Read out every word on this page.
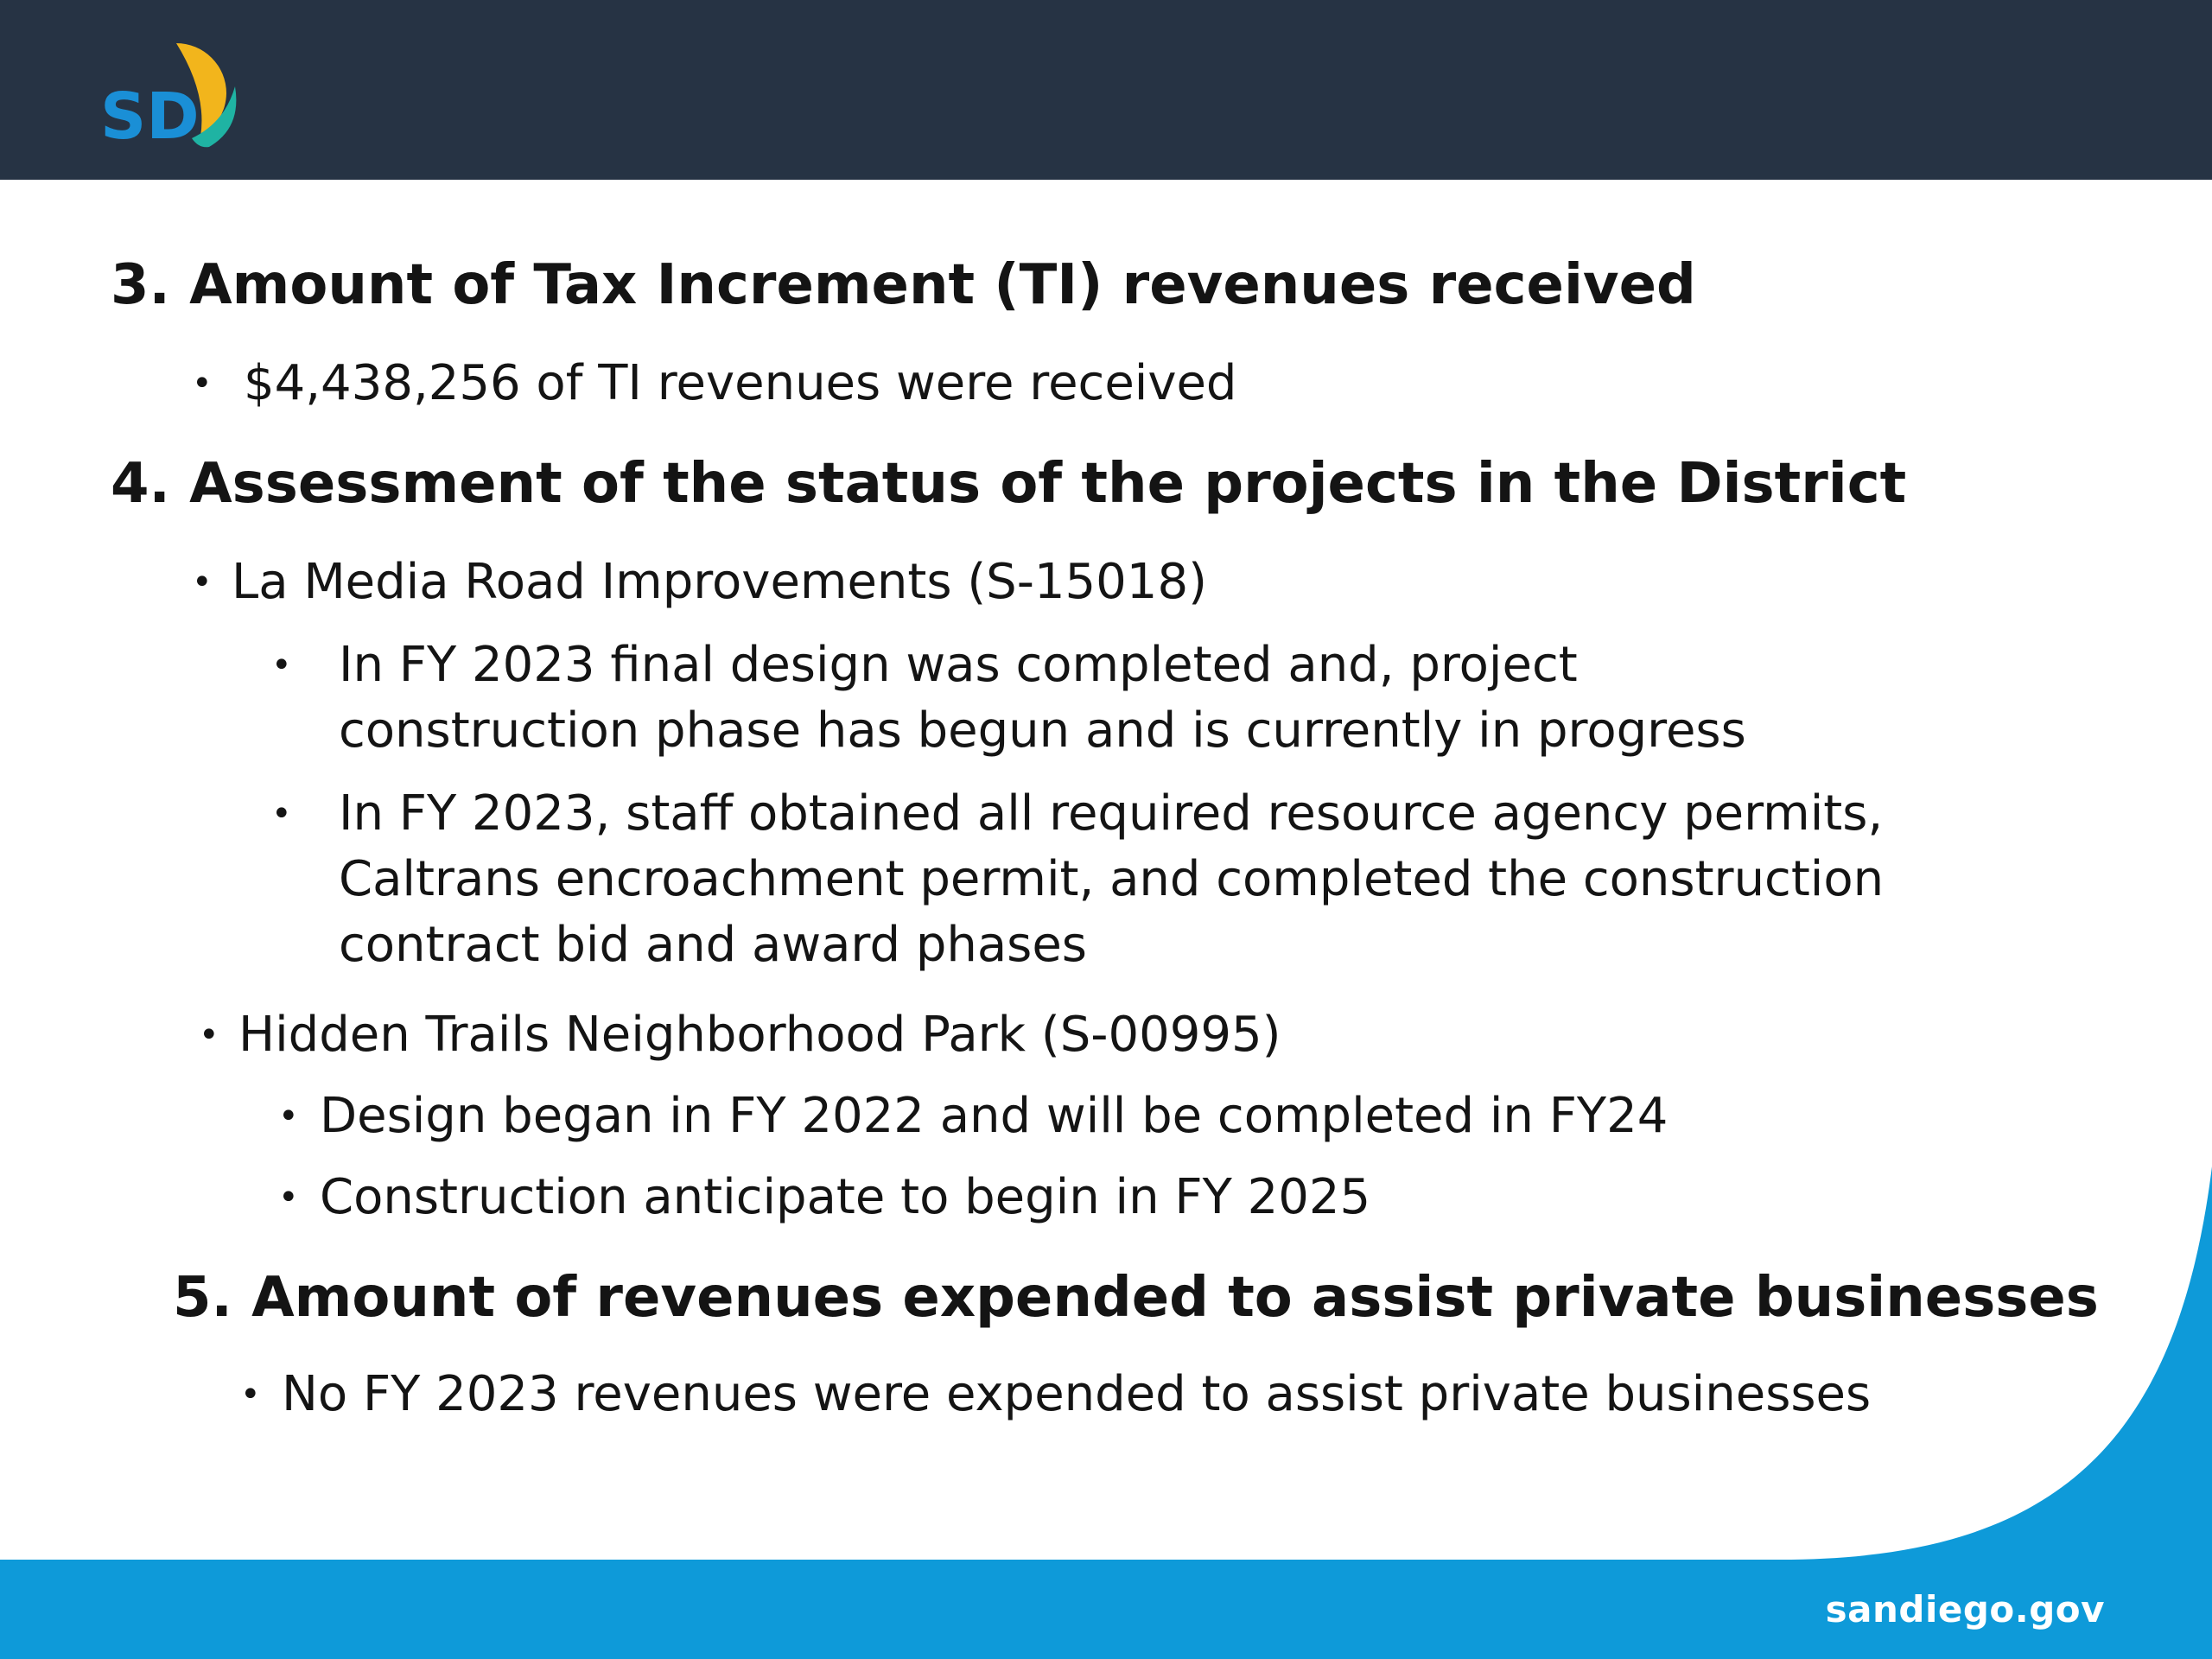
SD
3. Amount of Tax Increment (TI) revenues received
• $4,438,256 of TI revenues were received
4. Assessment of the status of the projects in the District
• La Media Road Improvements (S-15018)
• In FY 2023 final design was completed and, project
construction phase has begun and is currently in progress
• In FY 2023, staff obtained all required resource agency permits,
Caltrans encroachment permit, and completed the construction
contract bid and award phases
• Hidden Trails Neighborhood Park (S-00995)
• Design began in FY 2022 and will be completed in FY24
• Construction anticipate to begin in FY 2025
5. Amount of revenues expended to assist private businesses
• No FY 2023 revenues were expended to assist private businesses
sandiego.gov
